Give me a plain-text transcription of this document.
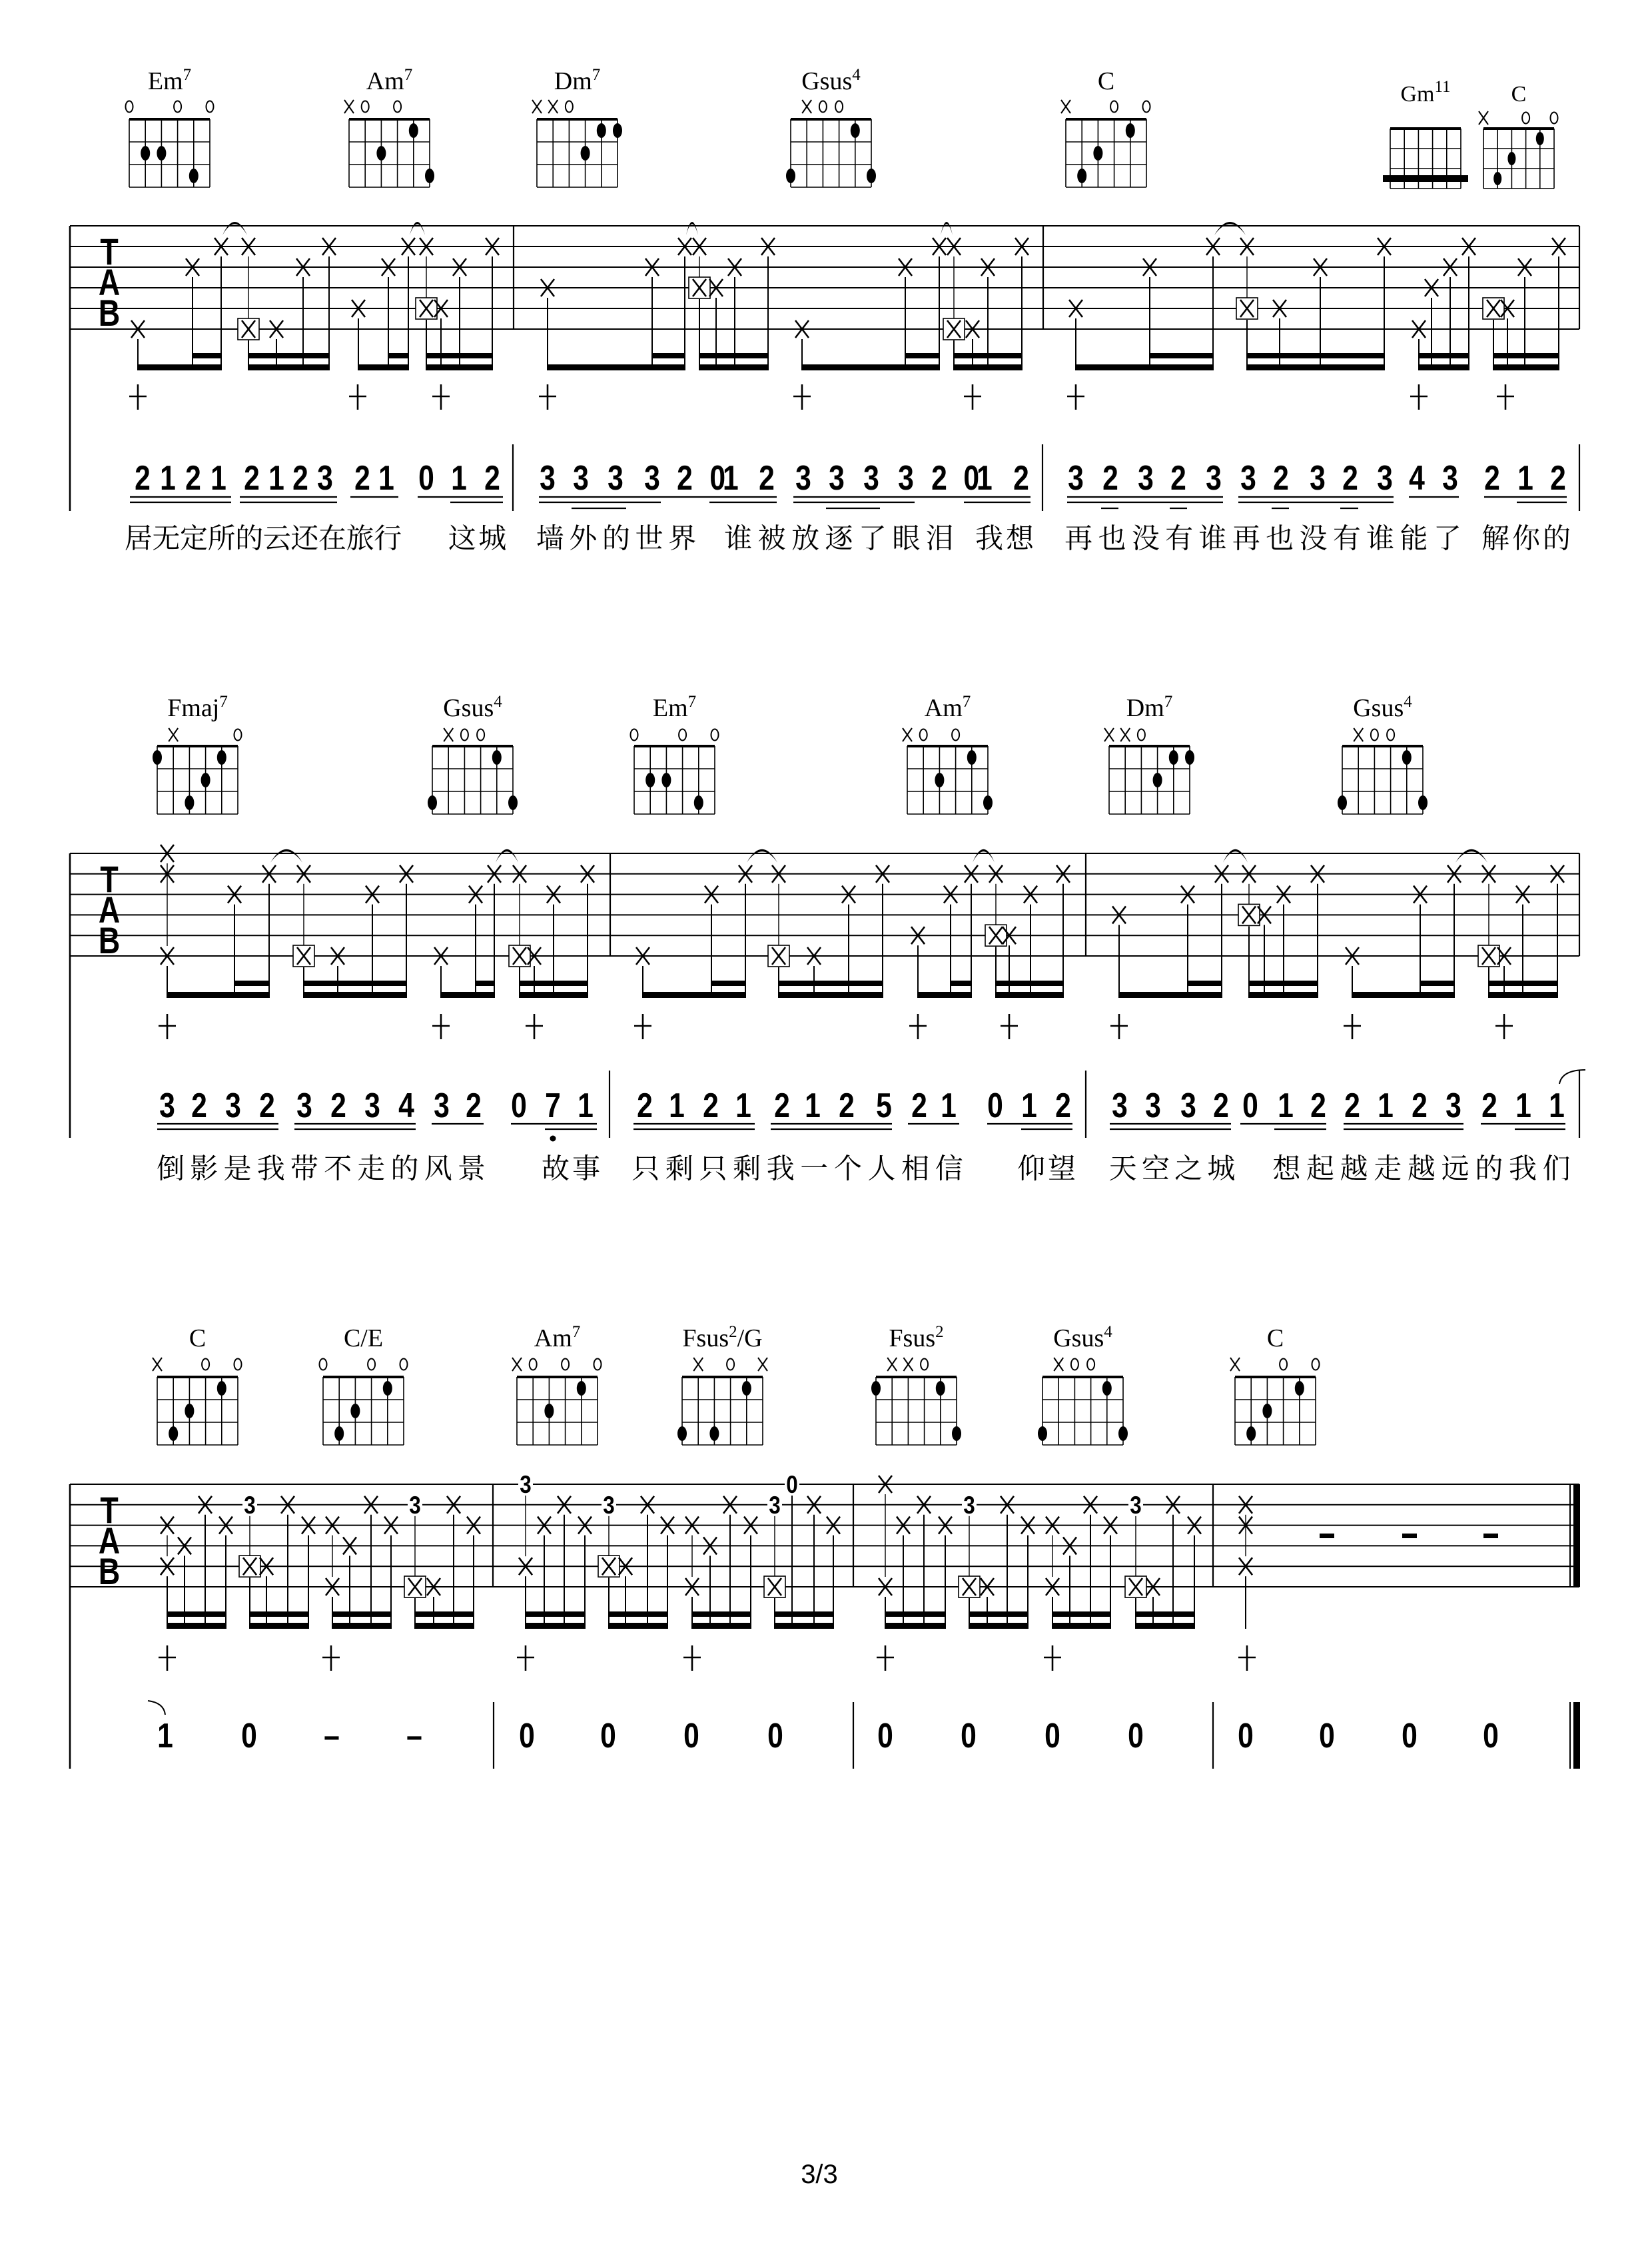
3/3
Em$^7$	Am$^7$	Dm$^7$	Gsus$^4$	C	Gm$^{11}$	C
T
A
B
2 1 2 1 2 1 2 3 2 1 0 1 2 3 3 3 3 2 01 2 3 3 3 3 2 01 2 3 2 3 2 3 3 2 3 2 3 4 3 2 1 2
居 无 定 所 的 云 还 在 旅 行 这 城 墙 外 的 世 界 谁 被 放 逐 了 眼 泪 我 想 再 也 没 有 谁 再 也 没 有 谁 能 了 解 你 的
Fmaj$^7$	Gsus$^4$	Em$^7$	Am$^7$	Dm$^7$	Gsus$^4$
T
A
B
3 2 3 2 3 2 3 4 3 2 0 7 1 2 1 2 1 2 1 2 5 2 1 0 1 2 3 3 3 2 0 1 2 2 1 2 3 2 1 1
倒 影 是 我 带 不 走 的 风 景 故 事 只 剩 只 剩 我 一 个 人 相 信 仰 望 天 空 之 城 想 起 越 走 越 远 的 我 们
C	C/E	Am$^7$	Fsus$^2$/G	Fsus$^2$	Gsus$^4$	C
T
A
B
3	3
3
3	3
0
3	3
1 0 – –	0 0 0 0	0 0 0 0	0 0 0 0
